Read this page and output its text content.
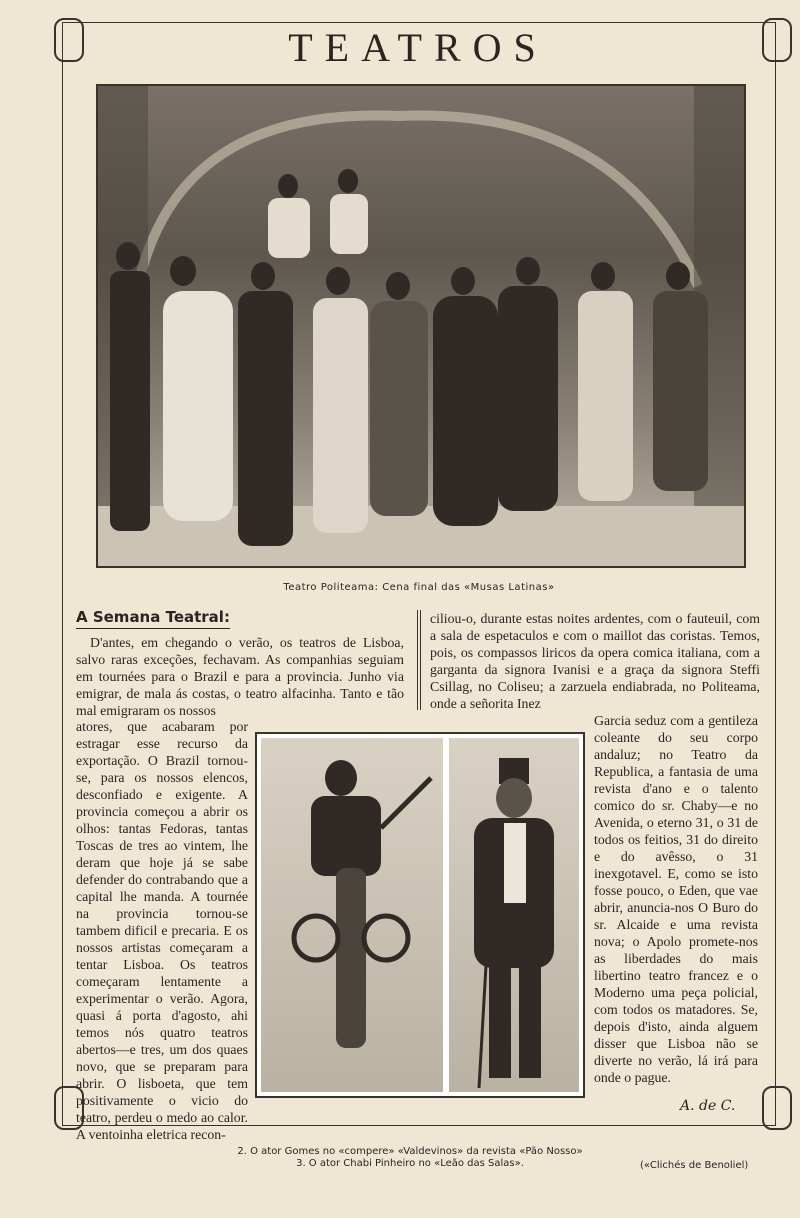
TEATROS
Teatro Politeama: Cena final das «Musas Latinas»
A Semana Teatral:
D'antes, em chegando o verão, os teatros de Lisboa, salvo raras exceções, fechavam. As companhias seguiam em tournées para o Brazil e para a provincia. Junho via emigrar, de mala ás costas, o teatro alfacinha. Tanto e tão mal emigraram os nossos
atores, que acabaram por estragar esse recurso da exportação. O Brazil tornou-se, para os nossos elencos, desconfiado e exigente. A provincia começou a abrir os olhos: tantas Fedoras, tantas Toscas de tres ao vintem, lhe deram que hoje já se sabe defender do contrabando que a capital lhe manda. A tournée na provincia tornou-se tambem dificil e precaria. E os nossos artistas começaram a tentar Lisboa. Os teatros começaram lentamente a experimentar o verão. Agora, quasi á porta d'agosto, ahi temos nós quatro teatros abertos—e tres, um dos quaes novo, que se preparam para abrir. O lisboeta, que tem positivamente o vicio do teatro, perdeu o medo ao calor. A ventoinha eletrica recon-
ciliou-o, durante estas noites ardentes, com o fauteuil, com a sala de espetaculos e com o maillot das coristas. Temos, pois, os compassos liricos da opera comica italiana, com a garganta da signora Ivanisi e a graça da signora Steffi Csillag, no Coliseu; a zarzuela endiabrada, no Politeama, onde a señorita Inez
Garcia seduz com a gentileza coleante do seu corpo andaluz; no Teatro da Republica, a fantasia de uma revista d'ano e o talento comico do sr. Chaby—e no Avenida, o eterno 31, o 31 de todos os feitios, 31 do direito e do avêsso, o 31 inexgotavel. E, como se isto fosse pouco, o Eden, que vae abrir, anuncia-nos O Buro do sr. Alcaide e uma revista nova; o Apolo promete-nos as liberdades do mais libertino teatro francez e o Moderno uma peça policial, com todos os matadores. Se, depois d'isto, ainda alguem disser que Lisboa não se diverte no verão, lá irá para onde o pague.
A. de C.
2. O ator Gomes no «compere» «Valdevinos» da revista «Pão Nosso»
3. O ator Chabi Pinheiro no «Leão das Salas».	(«Clichés de Benoliel)
